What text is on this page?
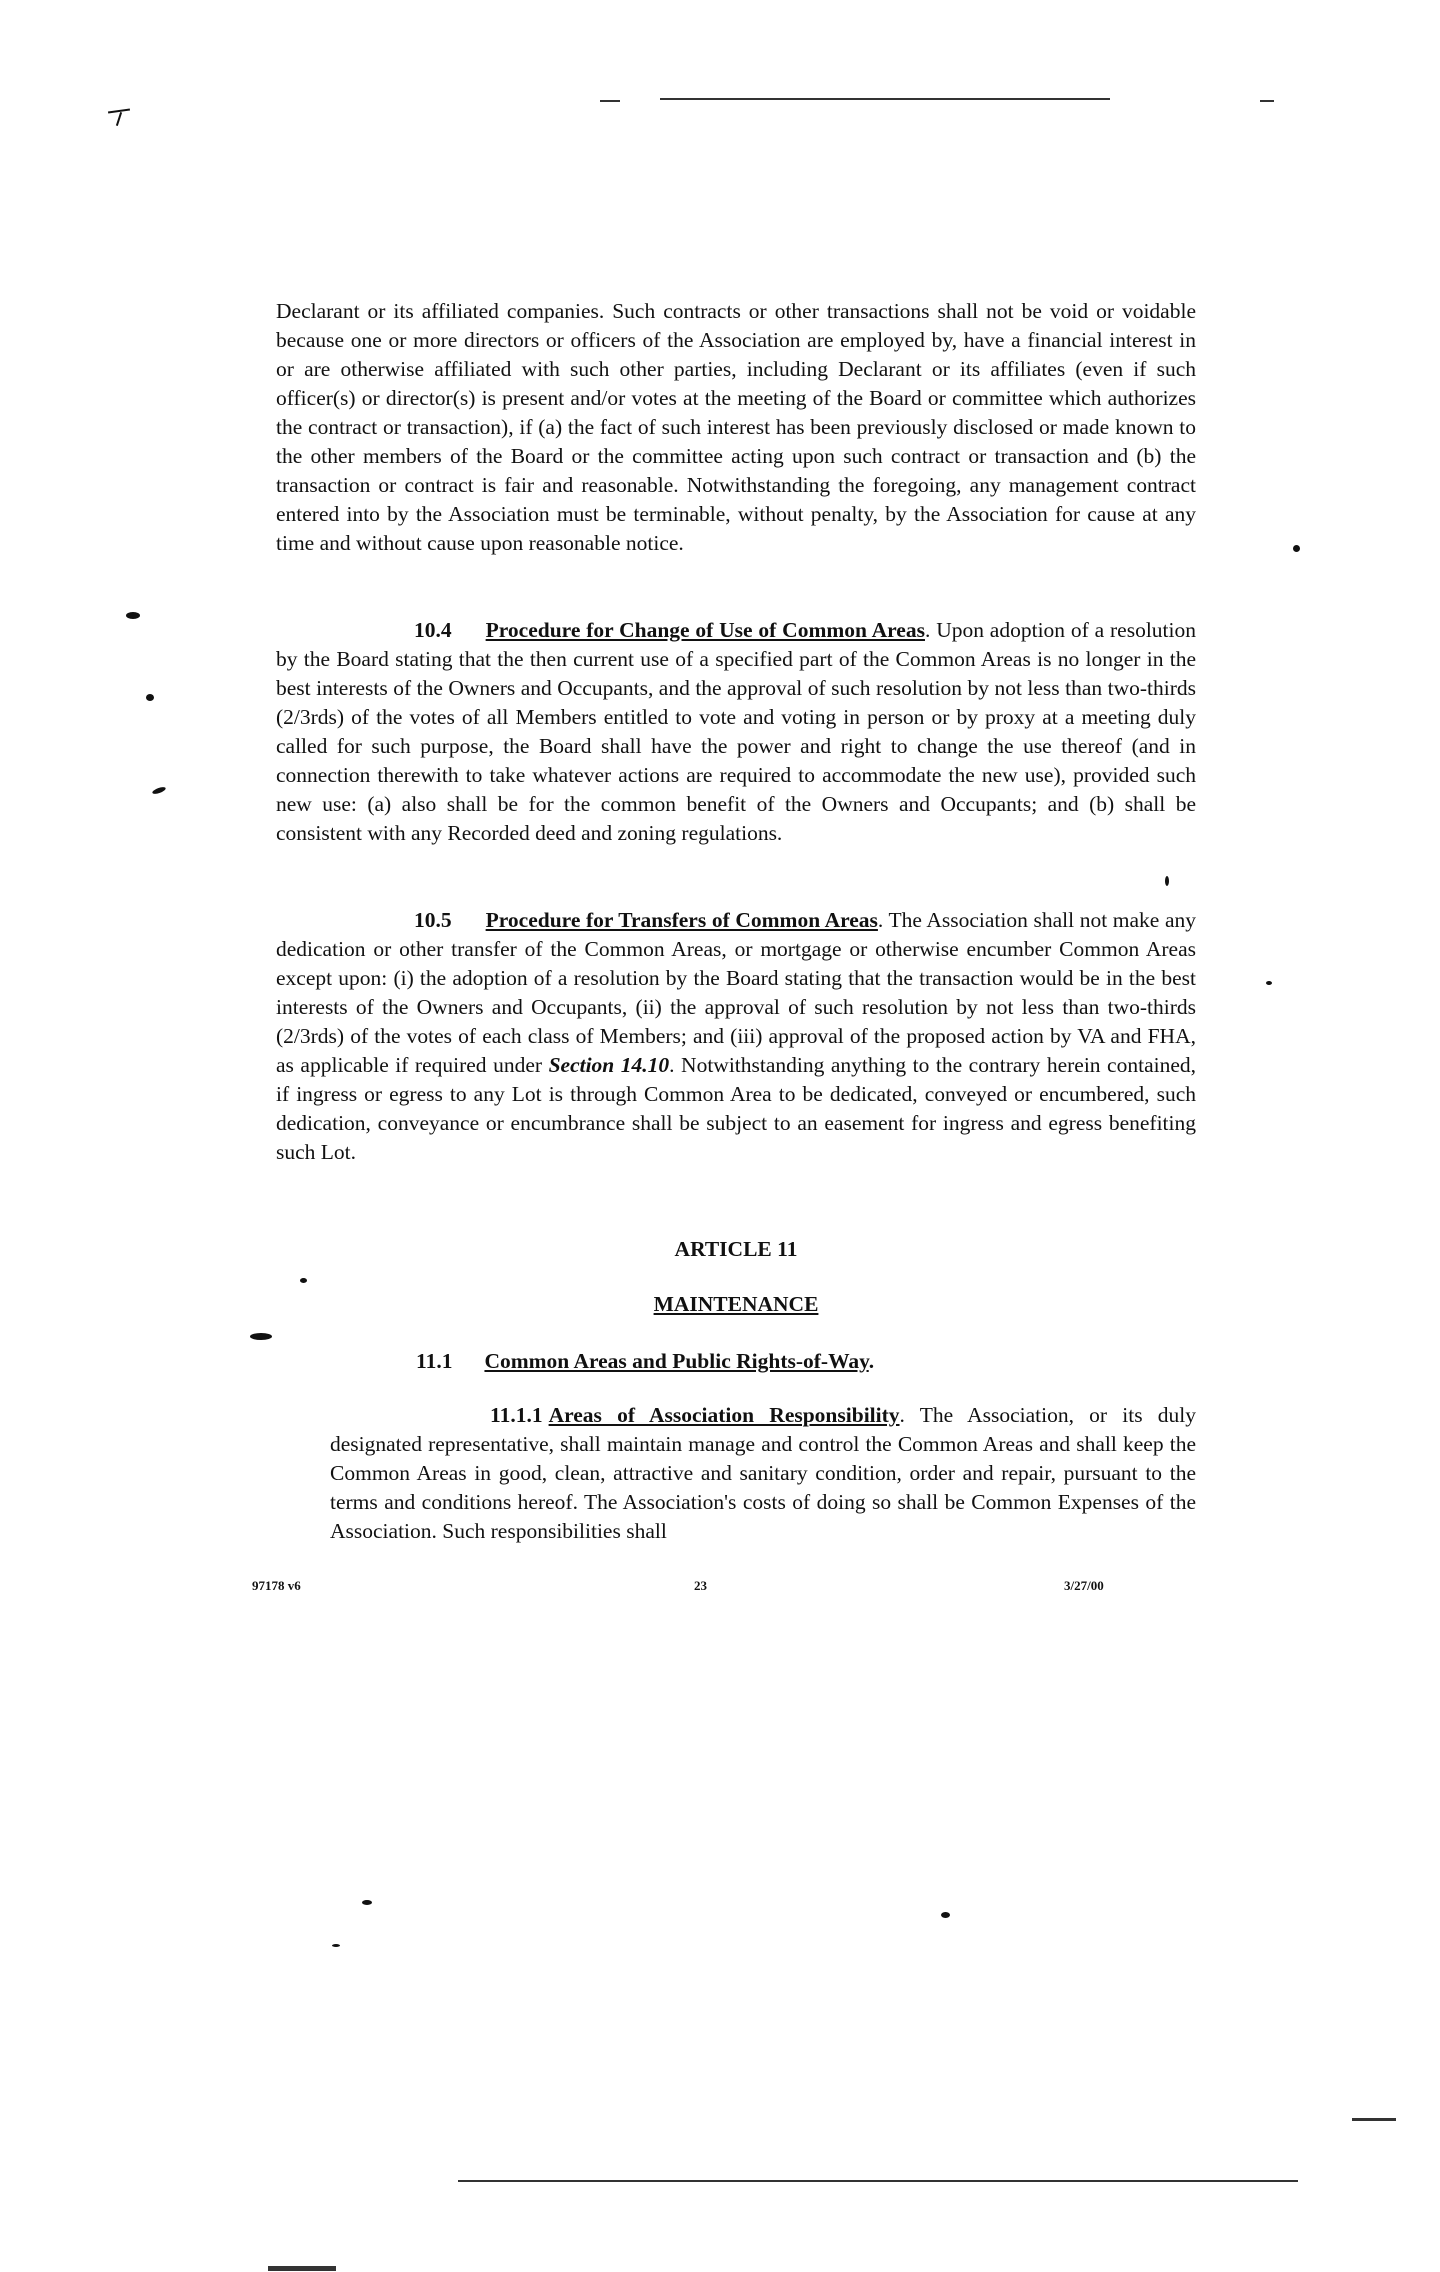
Declarant or its affiliated companies. Such contracts or other transactions shall not be void or voidable because one or more directors or officers of the Association are employed by, have a financial interest in or are otherwise affiliated with such other parties, including Declarant or its affiliates (even if such officer(s) or director(s) is present and/or votes at the meeting of the Board or committee which authorizes the contract or transaction), if (a) the fact of such interest has been previously disclosed or made known to the other members of the Board or the committee acting upon such contract or transaction and (b) the transaction or contract is fair and reasonable. Notwithstanding the foregoing, any management contract entered into by the Association must be terminable, without penalty, by the Association for cause at any time and without cause upon reasonable notice.

10.4 Procedure for Change of Use of Common Areas. Upon adoption of a resolution by the Board stating that the then current use of a specified part of the Common Areas is no longer in the best interests of the Owners and Occupants, and the approval of such resolution by not less than two-thirds (2/3rds) of the votes of all Members entitled to vote and voting in person or by proxy at a meeting duly called for such purpose, the Board shall have the power and right to change the use thereof (and in connection therewith to take whatever actions are required to accommodate the new use), provided such new use: (a) also shall be for the common benefit of the Owners and Occupants; and (b) shall be consistent with any Recorded deed and zoning regulations.

10.5 Procedure for Transfers of Common Areas. The Association shall not make any dedication or other transfer of the Common Areas, or mortgage or otherwise encumber Common Areas except upon: (i) the adoption of a resolution by the Board stating that the transaction would be in the best interests of the Owners and Occupants, (ii) the approval of such resolution by not less than two-thirds (2/3rds) of the votes of each class of Members; and (iii) approval of the proposed action by VA and FHA, as applicable if required under Section 14.10. Notwithstanding anything to the contrary herein contained, if ingress or egress to any Lot is through Common Area to be dedicated, conveyed or encumbered, such dedication, conveyance or encumbrance shall be subject to an easement for ingress and egress benefiting such Lot.

ARTICLE 11
MAINTENANCE
11.1 Common Areas and Public Rights-of-Way.

11.1.1 Areas of Association Responsibility. The Association, or its duly designated representative, shall maintain manage and control the Common Areas and shall keep the Common Areas in good, clean, attractive and sanitary condition, order and repair, pursuant to the terms and conditions hereof. The Association's costs of doing so shall be Common Expenses of the Association. Such responsibilities shall

97178 v6	23	3/27/00
